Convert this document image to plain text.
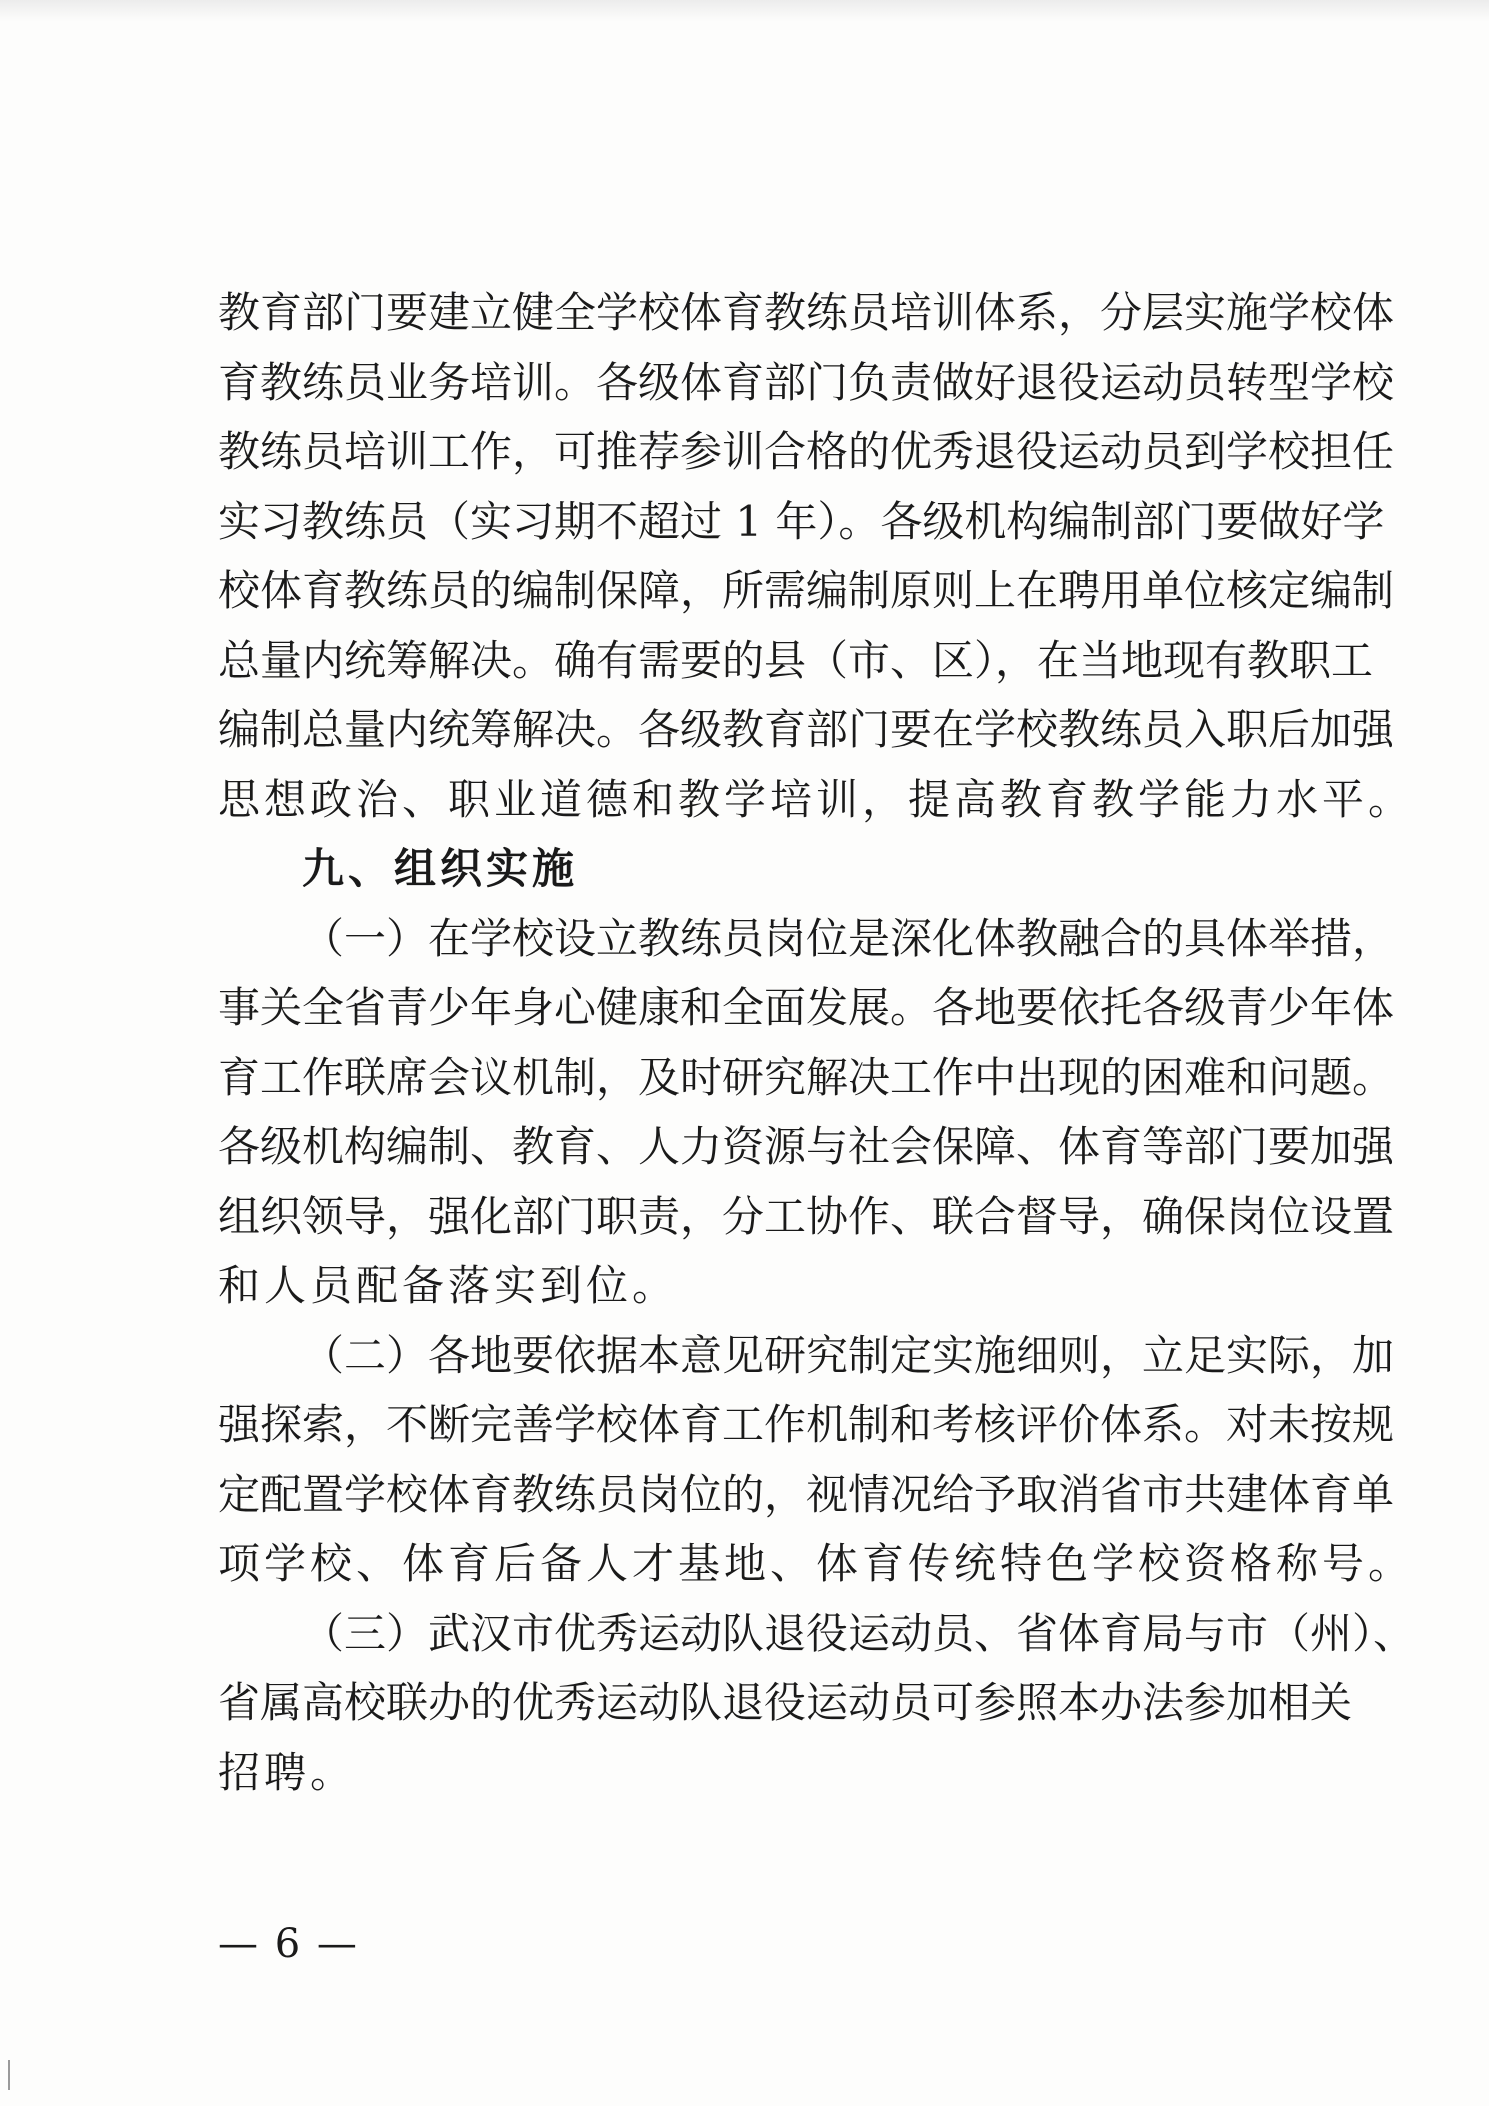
教育部门要建立健全学校体育教练员培训体系，分层实施学校体
育教练员业务培训。各级体育部门负责做好退役运动员转型学校
教练员培训工作，可推荐参训合格的优秀退役运动员到学校担任
实习教练员（实习期不超过 1 年）。各级机构编制部门要做好学
校体育教练员的编制保障，所需编制原则上在聘用单位核定编制
总量内统筹解决。确有需要的县（市、区），在当地现有教职工
编制总量内统筹解决。各级教育部门要在学校教练员入职后加强
思想政治、职业道德和教学培训，提高教育教学能力水平。
九、组织实施
（一）在学校设立教练员岗位是深化体教融合的具体举措，
事关全省青少年身心健康和全面发展。各地要依托各级青少年体
育工作联席会议机制，及时研究解决工作中出现的困难和问题。
各级机构编制、教育、人力资源与社会保障、体育等部门要加强
组织领导，强化部门职责，分工协作、联合督导，确保岗位设置
和人员配备落实到位。
（二）各地要依据本意见研究制定实施细则，立足实际，加
强探索，不断完善学校体育工作机制和考核评价体系。对未按规
定配置学校体育教练员岗位的，视情况给予取消省市共建体育单
项学校、体育后备人才基地、体育传统特色学校资格称号。
（三）武汉市优秀运动队退役运动员、省体育局与市（州）、
省属高校联办的优秀运动队退役运动员可参照本办法参加相关
招聘。
— 6 —
